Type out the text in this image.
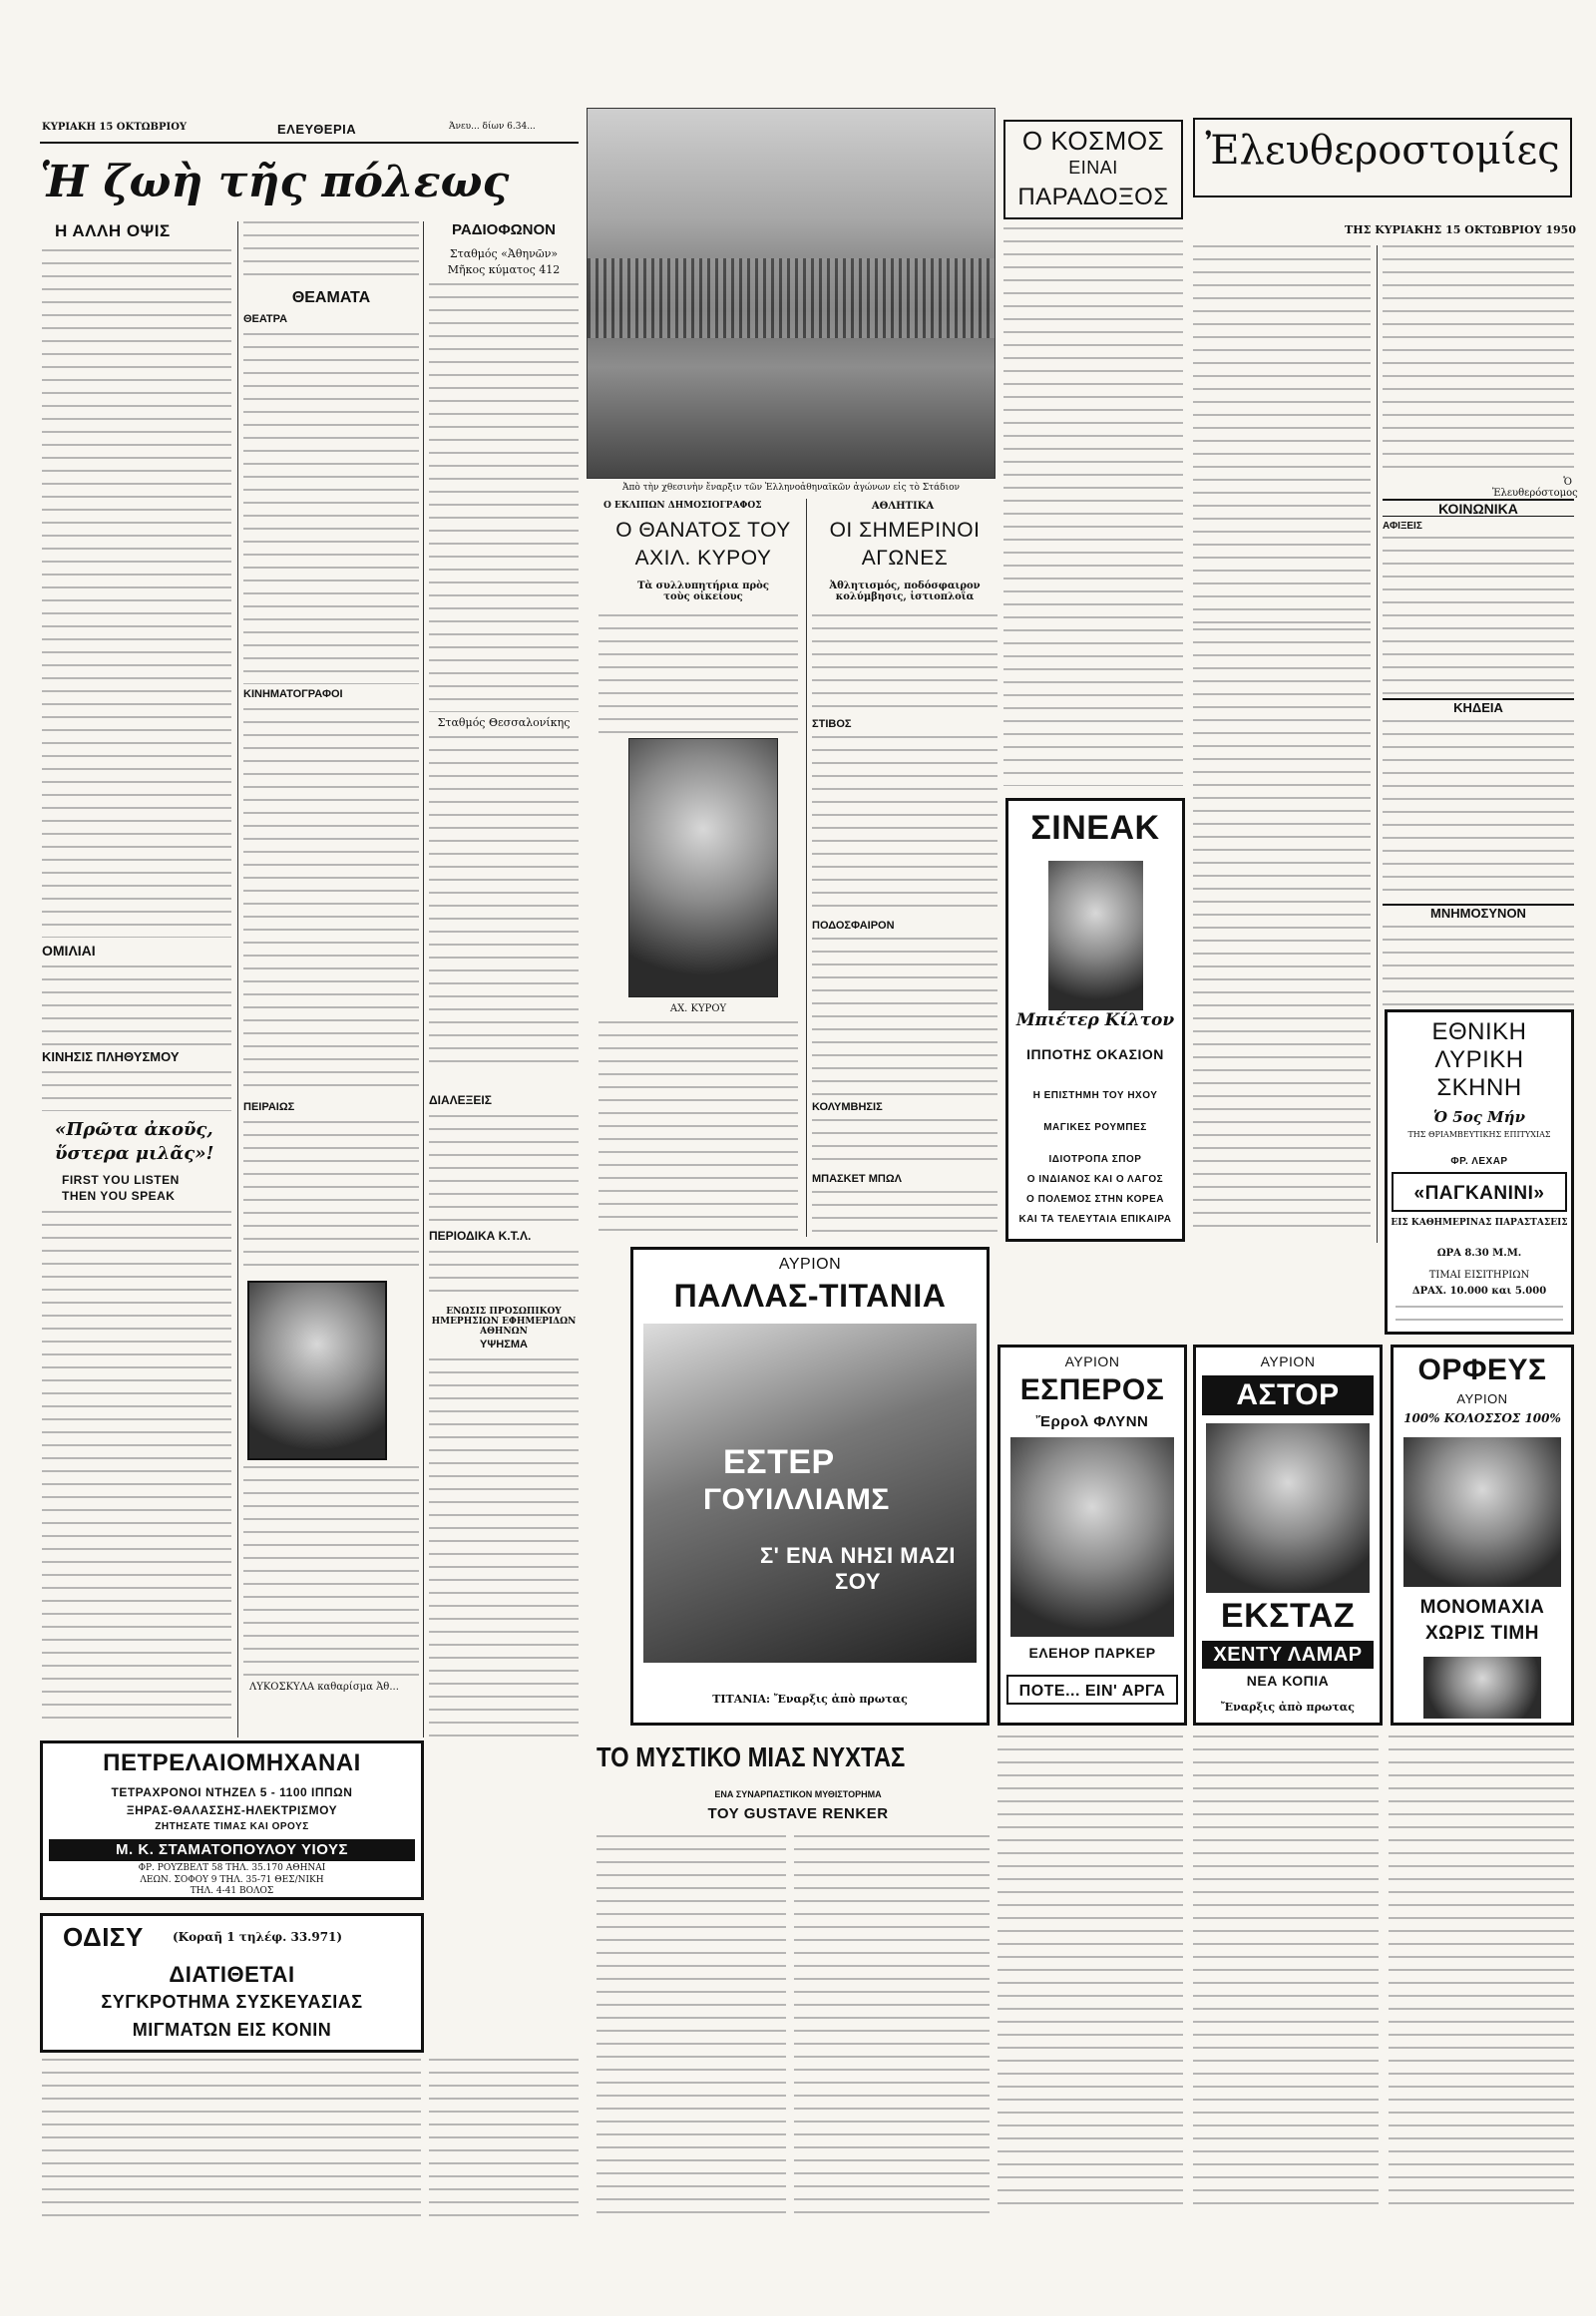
ΚΥΡΙΑΚΗ 15 ΟΚΤΩΒΡΙΟΥ	ΕΛΕΥΘΕΡΙΑ	Άνευ... δίων 6.34...
Ἡ ζωὴ τῆς πόλεως
Η ΑΛΛΗ ΟΨΙΣ
ΟΜΙΛΙΑΙ
ΚΙΝΗΣΙΣ ΠΛΗΘΥΣΜΟΥ
«Πρῶτα ἀκοῦς,
ὕστερα μιλᾶς»!
FIRST YOU LISTEN
THEN YOU SPEAK
ΘΕΑΜΑΤΑ
ΘΕΑΤΡΑ
ΚΙΝΗΜΑΤΟΓΡΑΦΟΙ
ΠΕΙΡΑΙΩΣ
ΛΥΚΟΣΚΥΛΑ καθαρίσμα Ἀθ...
ΡΑΔΙΟΦΩΝΟΝ
Σταθμός «Ἀθηνῶν»
Μῆκος κύματος 412
Σταθμός Θεσσαλονίκης
ΔΙΑΛΕΞΕΙΣ
ΠΕΡΙΟΔΙΚΑ Κ.Τ.Λ.
ΕΝΩΣΙΣ ΠΡΟΣΩΠΙΚΟΥ ΗΜΕΡΗΣΙΩΝ ΕΦΗΜΕΡΙΔΩΝ ΑΘΗΝΩΝ
ΥΨΗΣΜΑ
ΠΕΤΡΕΛΑΙΟΜΗΧΑΝΑΙ
ΤΕΤΡΑΧΡΟΝΟΙ ΝΤΗΖΕΛ 5 - 1100 ΙΠΠΩΝ
ΞΗΡΑΣ-ΘΑΛΑΣΣΗΣ-ΗΛΕΚΤΡΙΣΜΟΥ
ΖΗΤΗΣΑΤΕ ΤΙΜΑΣ ΚΑΙ ΟΡΟΥΣ
Μ. Κ. ΣΤΑΜΑΤΟΠΟΥΛΟΥ ΥΙΟΥΣ
ΦΡ. ΡΟΥΖΒΕΛΤ 58 ΤΗΛ. 35.170 ΑΘΗΝΑΙ
ΛΕΩΝ. ΣΟΦΟΥ 9 ΤΗΛ. 35-71 ΘΕΣ/ΝΙΚΗ
ΤΗΛ. 4-41 ΒΟΛΟΣ
ΟΔΙΣΥ	(Κοραῆ 1 τηλέφ. 33.971)
ΔΙΑΤΙΘΕΤΑΙ
ΣΥΓΚΡΟΤΗΜΑ ΣΥΣΚΕΥΑΣΙΑΣ
ΜΙΓΜΑΤΩΝ ΕΙΣ ΚΟΝΙΝ
Ἀπὸ τὴν χθεσινὴν ἔναρξιν τῶν Ἑλληνοἀθηναϊκῶν ἀγώνων εἰς τὸ Στάδιον
Ο ΚΟΣΜΟΣ
ΕΙΝΑΙ
ΠΑΡΑΔΟΞΟΣ
Ο ΕΚΛΙΠΩΝ ΔΗΜΟΣΙΟΓΡΑΦΟΣ	ΑΘΛΗΤΙΚΑ
Ο ΘΑΝΑΤΟΣ ΤΟΥ
ΑΧΙΛ. ΚΥΡΟΥ
Τὰ συλλυπητήρια πρὸς τοὺς οἰκείους
ΟΙ ΣΗΜΕΡΙΝΟΙ
ΑΓΩΝΕΣ
Ἀθλητισμός, ποδόσφαιρον κολύμβησις, ἱστιοπλοΐα
ΑΧ. ΚΥΡΟΥ
ΣΤΙΒΟΣ
ΠΟΔΟΣΦΑΙΡΟΝ
ΚΟΛΥΜΒΗΣΙΣ
ΜΠΑΣΚΕΤ ΜΠΩΛ
ΣΙΝΕΑΚ
Μπιέτερ Κίλτον
ΙΠΠΟΤΗΣ ΟΚΑΣΙΟΝ
Η ΕΠΙΣΤΗΜΗ ΤΟΥ ΗΧΟΥ
ΜΑΓΙΚΕΣ ΡΟΥΜΠΕΣ
ΙΔΙΟΤΡΟΠΑ ΣΠΟΡ
Ο ΙΝΔΙΑΝΟΣ ΚΑΙ Ο ΛΑΓΟΣ
Ο ΠΟΛΕΜΟΣ ΣΤΗΝ ΚΟΡΕΑ
ΚΑΙ ΤΑ ΤΕΛΕΥΤΑΙΑ ΕΠΙΚΑΙΡΑ
Ἐλευθεροστομίες
ΤΗΣ ΚΥΡΙΑΚΗΣ 15 ΟΚΤΩΒΡΙΟΥ 1950
Ὁ Ἐλευθερόστομος
ΚΟΙΝΩΝΙΚΑ
ΑΦΙΞΕΙΣ
ΚΗΔΕΙΑ
ΜΝΗΜΟΣΥΝΟΝ
ΕΘΝΙΚΗ
ΛΥΡΙΚΗ
ΣΚΗΝΗ
Ὁ 5ος Μήν
ΤΗΣ ΘΡΙΑΜΒΕΥΤΙΚΗΣ ΕΠΙΤΥΧΙΑΣ
ΦΡ. ΛΕΧΑΡ
«ΠΑΓΚΑΝΙΝΙ»
ΕΙΣ ΚΑΘΗΜΕΡΙΝΑΣ ΠΑΡΑΣΤΑΣΕΙΣ
ΩΡΑ 8.30 Μ.Μ.
ΤΙΜΑΙ ΕΙΣΙΤΗΡΙΩΝ
ΔΡΑΧ. 10.000 και 5.000
ΑΥΡΙΟΝ
ΠΑΛΛΑΣ-ΤΙΤΑΝΙΑ
ΕΣΤΕΡ
ΓΟΥΙΛΛΙΑΜΣ
Σ' ΕΝΑ ΝΗΣΙ ΜΑΖΙ ΣΟΥ
ΤΙΤΑΝΙΑ: Ἔναρξις ἀπὸ πρωτας
ΑΥΡΙΟΝ
ΕΣΠΕΡΟΣ
Ἔρρολ ΦΛΥΝΝ
ΕΛΕΗΟΡ ΠΑΡΚΕΡ
ΠΟΤΕ... ΕΙΝ' ΑΡΓΑ
ΑΥΡΙΟΝ
ΑΣΤΟΡ
ΕΚΣΤΑΖ
ΧΕΝΤΥ ΛΑΜΑΡ
ΝΕΑ ΚΟΠΙΑ
Ἔναρξις ἀπὸ πρωτας
ΟΡΦΕΥΣ
ΑΥΡΙΟΝ
100% ΚΟΛΟΣΣΟΣ 100%
ΜΟΝΟΜΑΧΙΑ
ΧΩΡΙΣ ΤΙΜΗ
ΤΟ ΜΥΣΤΙΚΟ ΜΙΑΣ ΝΥΧΤΑΣ
ΕΝΑ ΣΥΝΑΡΠΑΣΤΙΚΟΝ ΜΥΘΙΣΤΟΡΗΜΑ
ΤΟΥ GUSTAVE RENKER
